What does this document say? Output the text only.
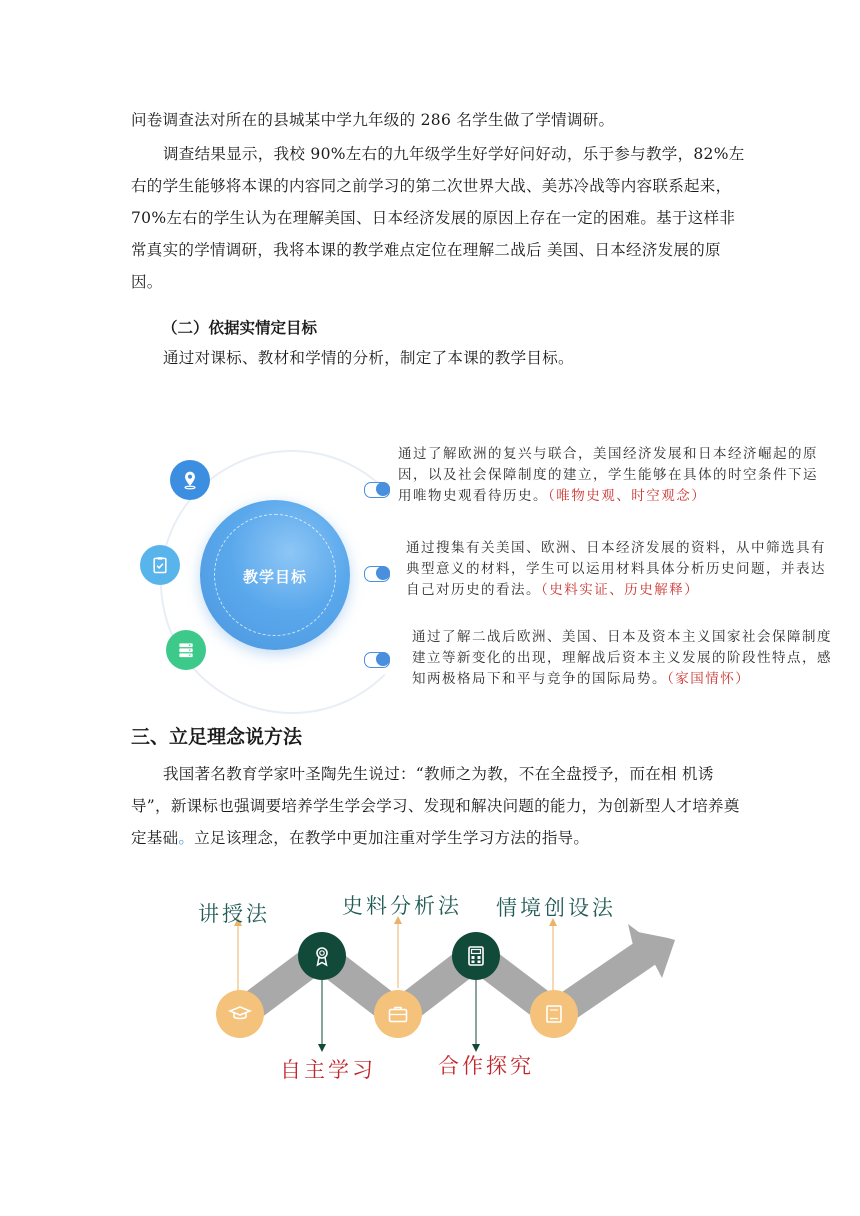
问卷调查法对所在的县城某中学九年级的 286 名学生做了学情调研。

调查结果显示，我校 90%左右的九年级学生好学好问好动，乐于参与教学，82%左右的学生能够将本课的内容同之前学习的第二次世界大战、美苏冷战等内容联系起来，70%左右的学生认为在理解美国、日本经济发展的原因上存在一定的困难。基于这样非常真实的学情调研，我将本课的教学难点定位在理解二战后 美国、日本经济发展的原因。

（二）依据实情定目标

通过对课标、教材和学情的分析，制定了本课的教学目标。

教学目标
通过了解欧洲的复兴与联合，美国经济发展和日本经济崛起的原因，以及社会保障制度的建立，学生能够在具体的时空条件下运用唯物史观看待历史。（唯物史观、时空观念）
通过搜集有关美国、欧洲、日本经济发展的资料，从中筛选具有典型意义的材料，学生可以运用材料具体分析历史问题，并表达自己对历史的看法。（史料实证、历史解释）
通过了解二战后欧洲、美国、日本及资本主义国家社会保障制度建立等新变化的出现，理解战后资本主义发展的阶段性特点，感知两极格局下和平与竞争的国际局势。（家国情怀）
三、立足理念说方法

我国著名教育学家叶圣陶先生说过：“教师之为教，不在全盘授予，而在相 机诱导”，新课标也强调要培养学生学会学习、发现和解决问题的能力，为创新型人才培养奠定基础。立足该理念，在教学中更加注重对学生学习方法的指导。

讲授法	史料分析法 情境创设法
自主学习	合作探究
